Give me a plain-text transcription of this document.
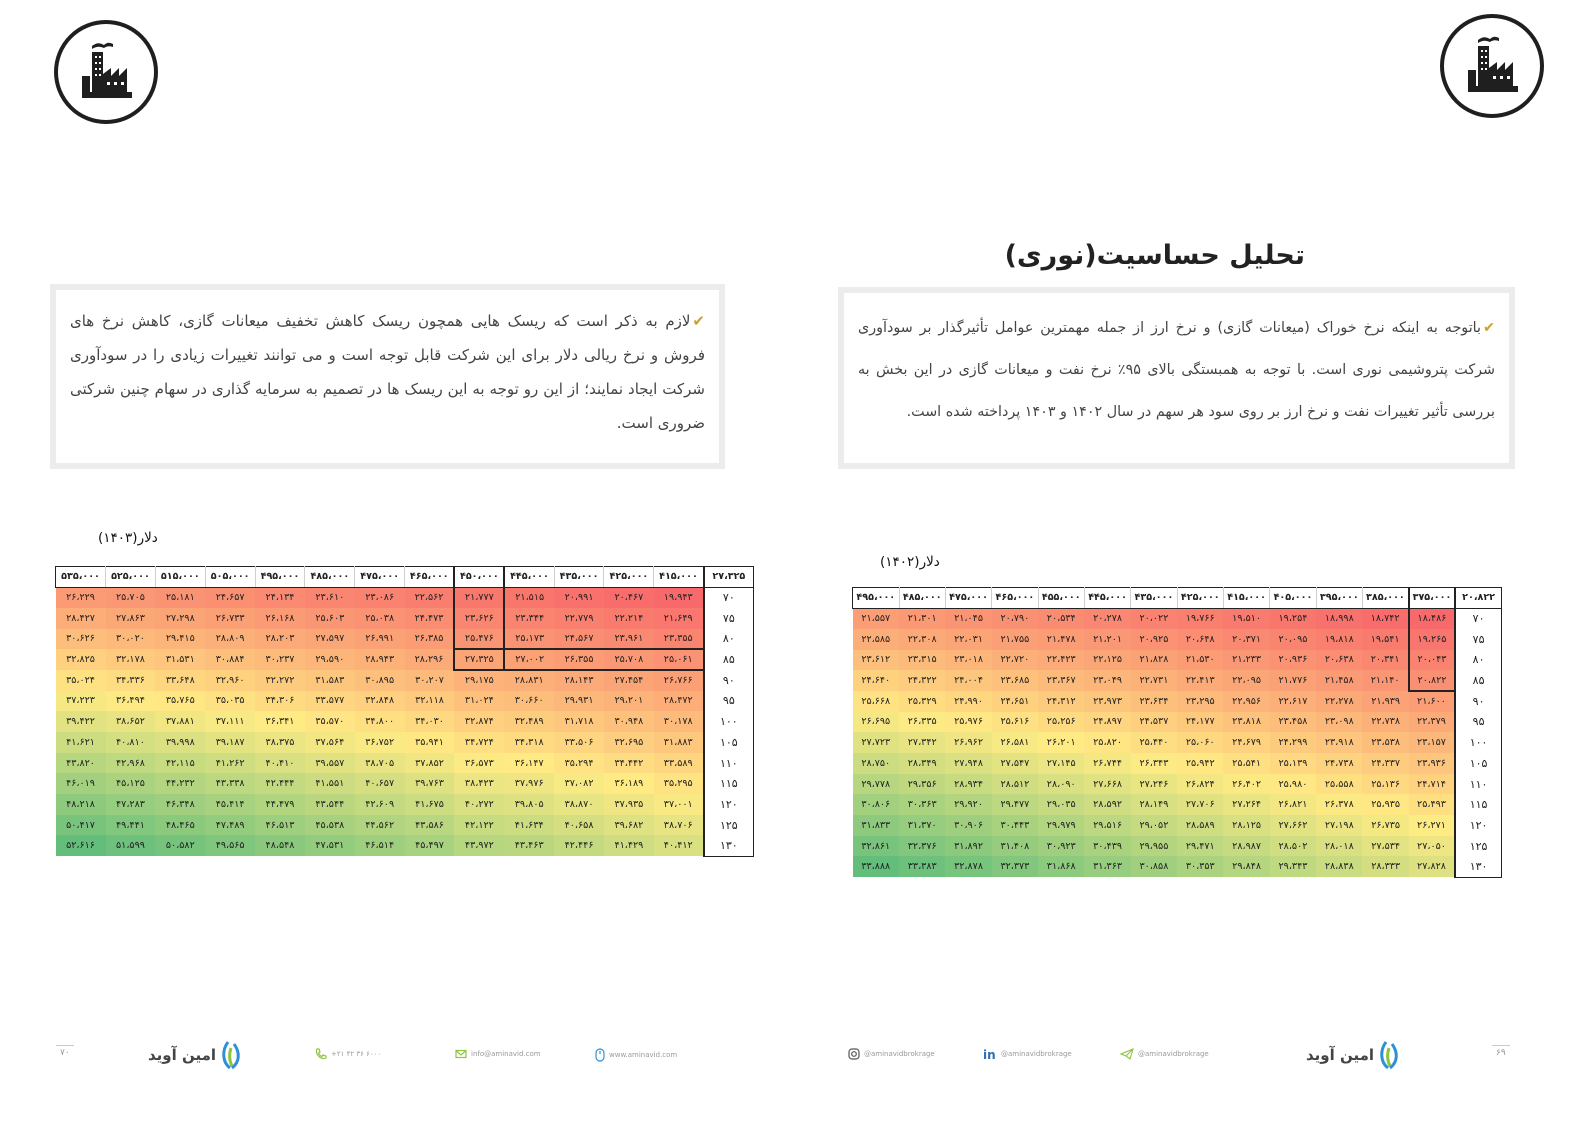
✔لازم به ذکر است که ریسک هایی همچون ریسک کاهش تخفیف میعانات گازی، کاهش نرخ های فروش و نرخ ریالی دلار برای این شرکت قابل توجه است و می توانند تغییرات زیادی را در سودآوری شرکت ایجاد نمایند؛ از این رو توجه به این ریسک ها در تصمیم به سرمایه گذاری در سهام چنین شرکتی ضروری است.

دلار(۱۴۰۳)
۲۷،۳۲۵	۴۱۵،۰۰۰	۴۲۵،۰۰۰	۴۳۵،۰۰۰	۴۴۵،۰۰۰	۴۵۰،۰۰۰	۴۶۵،۰۰۰	۴۷۵،۰۰۰	۴۸۵،۰۰۰	۴۹۵،۰۰۰	۵۰۵،۰۰۰	۵۱۵،۰۰۰	۵۲۵،۰۰۰	۵۳۵،۰۰۰
۷۰	۱۹،۹۴۳	۲۰،۴۶۷	۲۰،۹۹۱	۲۱،۵۱۵	۲۱،۷۷۷	۲۲،۵۶۲	۲۳،۰۸۶	۲۳،۶۱۰	۲۴،۱۳۴	۲۴،۶۵۷	۲۵،۱۸۱	۲۵،۷۰۵	۲۶،۲۲۹
۷۵	۲۱،۶۴۹	۲۲،۲۱۴	۲۲،۷۷۹	۲۳،۳۴۴	۲۳،۶۲۶	۲۴،۴۷۳	۲۵،۰۳۸	۲۵،۶۰۳	۲۶،۱۶۸	۲۶،۷۳۳	۲۷،۲۹۸	۲۷،۸۶۳	۲۸،۴۲۷
۸۰	۲۳،۳۵۵	۲۳،۹۶۱	۲۴،۵۶۷	۲۵،۱۷۳	۲۵،۴۷۶	۲۶،۳۸۵	۲۶،۹۹۱	۲۷،۵۹۷	۲۸،۲۰۳	۲۸،۸۰۹	۲۹،۴۱۵	۳۰،۰۲۰	۳۰،۶۲۶
۸۵	۲۵،۰۶۱	۲۵،۷۰۸	۲۶،۳۵۵	۲۷،۰۰۲	۲۷،۳۲۵	۲۸،۲۹۶	۲۸،۹۴۳	۲۹،۵۹۰	۳۰،۲۳۷	۳۰،۸۸۴	۳۱،۵۳۱	۳۲،۱۷۸	۳۲،۸۲۵
۹۰	۲۶،۷۶۶	۲۷،۴۵۴	۲۸،۱۴۳	۲۸،۸۳۱	۲۹،۱۷۵	۳۰،۲۰۷	۳۰،۸۹۵	۳۱،۵۸۳	۳۲،۲۷۲	۳۲،۹۶۰	۳۳،۶۴۸	۳۴،۳۳۶	۳۵،۰۲۴
۹۵	۲۸،۴۷۲	۲۹،۲۰۱	۲۹،۹۳۱	۳۰،۶۶۰	۳۱،۰۲۴	۳۲،۱۱۸	۳۲،۸۴۸	۳۳،۵۷۷	۳۴،۳۰۶	۳۵،۰۳۵	۳۵،۷۶۵	۳۶،۴۹۴	۳۷،۲۲۳
۱۰۰	۳۰،۱۷۸	۳۰،۹۴۸	۳۱،۷۱۸	۳۲،۴۸۹	۳۲،۸۷۴	۳۴،۰۳۰	۳۴،۸۰۰	۳۵،۵۷۰	۳۶،۳۴۱	۳۷،۱۱۱	۳۷،۸۸۱	۳۸،۶۵۲	۳۹،۴۲۲
۱۰۵	۳۱،۸۸۳	۳۲،۶۹۵	۳۳،۵۰۶	۳۴،۳۱۸	۳۴،۷۲۴	۳۵،۹۴۱	۳۶،۷۵۲	۳۷،۵۶۴	۳۸،۳۷۵	۳۹،۱۸۷	۳۹،۹۹۸	۴۰،۸۱۰	۴۱،۶۲۱
۱۱۰	۳۳،۵۸۹	۳۴،۴۴۲	۳۵،۲۹۴	۳۶،۱۴۷	۳۶،۵۷۳	۳۷،۸۵۲	۳۸،۷۰۵	۳۹،۵۵۷	۴۰،۴۱۰	۴۱،۲۶۲	۴۲،۱۱۵	۴۲،۹۶۸	۴۳،۸۲۰
۱۱۵	۳۵،۲۹۵	۳۶،۱۸۹	۳۷،۰۸۲	۳۷،۹۷۶	۳۸،۴۲۳	۳۹،۷۶۳	۴۰،۶۵۷	۴۱،۵۵۱	۴۲،۴۴۴	۴۳،۳۳۸	۴۴،۲۳۲	۴۵،۱۲۵	۴۶،۰۱۹
۱۲۰	۳۷،۰۰۱	۳۷،۹۳۵	۳۸،۸۷۰	۳۹،۸۰۵	۴۰،۲۷۲	۴۱،۶۷۵	۴۲،۶۰۹	۴۳،۵۴۴	۴۴،۴۷۹	۴۵،۴۱۴	۴۶،۳۴۸	۴۷،۲۸۳	۴۸،۲۱۸
۱۲۵	۳۸،۷۰۶	۳۹،۶۸۲	۴۰،۶۵۸	۴۱،۶۳۴	۴۲،۱۲۲	۴۳،۵۸۶	۴۴،۵۶۲	۴۵،۵۳۸	۴۶،۵۱۳	۴۷،۴۸۹	۴۸،۴۶۵	۴۹،۴۴۱	۵۰،۴۱۷
۱۳۰	۴۰،۴۱۲	۴۱،۴۲۹	۴۲،۴۴۶	۴۳،۴۶۳	۴۳،۹۷۲	۴۵،۴۹۷	۴۶،۵۱۴	۴۷،۵۳۱	۴۸،۵۴۸	۴۹،۵۶۵	۵۰،۵۸۲	۵۱،۵۹۹	۵۲،۶۱۶
۷۰	امین آوید	+۲۱ ۴۲ ۳۶ ۶۰۰۰	info@aminavid.com	www.aminavid.com
تحلیل حساسیت(نوری)

✔باتوجه به اینکه نرخ خوراک (میعانات گازی) و نرخ ارز از جمله مهمترین عوامل تأثیرگذار بر سودآوری شرکت پتروشیمی نوری است. با توجه به همبستگی بالای ۹۵٪ نرخ نفت و میعانات گازی در این بخش به بررسی تأثیر تغییرات نفت و نرخ ارز بر روی سود هر سهم در سال ۱۴۰۲ و ۱۴۰۳ پرداخته شده است.

دلار(۱۴۰۲)
۲۰،۸۲۲	۳۷۵،۰۰۰	۳۸۵،۰۰۰	۳۹۵،۰۰۰	۴۰۵،۰۰۰	۴۱۵،۰۰۰	۴۲۵،۰۰۰	۴۳۵،۰۰۰	۴۴۵،۰۰۰	۴۵۵،۰۰۰	۴۶۵،۰۰۰	۴۷۵،۰۰۰	۴۸۵،۰۰۰	۴۹۵،۰۰۰
۷۰	۱۸،۴۸۶	۱۸،۷۴۲	۱۸،۹۹۸	۱۹،۲۵۴	۱۹،۵۱۰	۱۹،۷۶۶	۲۰،۰۲۲	۲۰،۲۷۸	۲۰،۵۳۴	۲۰،۷۹۰	۲۱،۰۴۵	۲۱،۳۰۱	۲۱،۵۵۷
۷۵	۱۹،۲۶۵	۱۹،۵۴۱	۱۹،۸۱۸	۲۰،۰۹۵	۲۰،۳۷۱	۲۰،۶۴۸	۲۰،۹۲۵	۲۱،۲۰۱	۲۱،۴۷۸	۲۱،۷۵۵	۲۲،۰۳۱	۲۲،۳۰۸	۲۲،۵۸۵
۸۰	۲۰،۰۴۳	۲۰،۳۴۱	۲۰،۶۳۸	۲۰،۹۳۶	۲۱،۲۳۳	۲۱،۵۳۰	۲۱،۸۲۸	۲۲،۱۲۵	۲۲،۴۲۳	۲۲،۷۲۰	۲۳،۰۱۸	۲۳،۳۱۵	۲۳،۶۱۲
۸۵	۲۰،۸۲۲	۲۱،۱۴۰	۲۱،۴۵۸	۲۱،۷۷۶	۲۲،۰۹۵	۲۲،۴۱۳	۲۲،۷۳۱	۲۳،۰۴۹	۲۳،۳۶۷	۲۳،۶۸۵	۲۴،۰۰۴	۲۴،۳۲۲	۲۴،۶۴۰
۹۰	۲۱،۶۰۰	۲۱،۹۳۹	۲۲،۲۷۸	۲۲،۶۱۷	۲۲،۹۵۶	۲۳،۲۹۵	۲۳،۶۳۴	۲۳،۹۷۳	۲۴،۳۱۲	۲۴،۶۵۱	۲۴،۹۹۰	۲۵،۳۲۹	۲۵،۶۶۸
۹۵	۲۲،۳۷۹	۲۲،۷۳۸	۲۳،۰۹۸	۲۳،۴۵۸	۲۳،۸۱۸	۲۴،۱۷۷	۲۴،۵۳۷	۲۴،۸۹۷	۲۵،۲۵۶	۲۵،۶۱۶	۲۵،۹۷۶	۲۶،۳۳۵	۲۶،۶۹۵
۱۰۰	۲۳،۱۵۷	۲۳،۵۳۸	۲۳،۹۱۸	۲۴،۲۹۹	۲۴،۶۷۹	۲۵،۰۶۰	۲۵،۴۴۰	۲۵،۸۲۰	۲۶،۲۰۱	۲۶،۵۸۱	۲۶،۹۶۲	۲۷،۳۴۲	۲۷،۷۲۳
۱۰۵	۲۳،۹۳۶	۲۴،۳۳۷	۲۴،۷۳۸	۲۵،۱۳۹	۲۵،۵۴۱	۲۵،۹۴۲	۲۶،۳۴۳	۲۶،۷۴۴	۲۷،۱۴۵	۲۷،۵۴۷	۲۷،۹۴۸	۲۸،۳۴۹	۲۸،۷۵۰
۱۱۰	۲۴،۷۱۴	۲۵،۱۳۶	۲۵،۵۵۸	۲۵،۹۸۰	۲۶،۴۰۲	۲۶،۸۲۴	۲۷،۲۴۶	۲۷،۶۶۸	۲۸،۰۹۰	۲۸،۵۱۲	۲۸،۹۳۴	۲۹،۳۵۶	۲۹،۷۷۸
۱۱۵	۲۵،۴۹۳	۲۵،۹۳۵	۲۶،۳۷۸	۲۶،۸۲۱	۲۷،۲۶۴	۲۷،۷۰۶	۲۸،۱۴۹	۲۸،۵۹۲	۲۹،۰۳۵	۲۹،۴۷۷	۲۹،۹۲۰	۳۰،۳۶۳	۳۰،۸۰۶
۱۲۰	۲۶،۲۷۱	۲۶،۷۳۵	۲۷،۱۹۸	۲۷،۶۶۲	۲۸،۱۲۵	۲۸،۵۸۹	۲۹،۰۵۲	۲۹،۵۱۶	۲۹،۹۷۹	۳۰،۴۴۳	۳۰،۹۰۶	۳۱،۳۷۰	۳۱،۸۳۳
۱۲۵	۲۷،۰۵۰	۲۷،۵۳۴	۲۸،۰۱۸	۲۸،۵۰۲	۲۸،۹۸۷	۲۹،۴۷۱	۲۹،۹۵۵	۳۰،۴۳۹	۳۰،۹۲۳	۳۱،۴۰۸	۳۱،۸۹۲	۳۲،۳۷۶	۳۲،۸۶۱
۱۳۰	۲۷،۸۲۸	۲۸،۳۳۳	۲۸،۸۳۸	۲۹،۳۴۳	۲۹،۸۴۸	۳۰،۳۵۳	۳۰،۸۵۸	۳۱،۳۶۳	۳۱،۸۶۸	۳۲،۳۷۳	۳۲،۸۷۸	۳۳،۳۸۳	۳۳،۸۸۸
@aminavidbrokrage	in @aminavidbrokrage	@aminavidbrokrage	امین آوید	۶۹
